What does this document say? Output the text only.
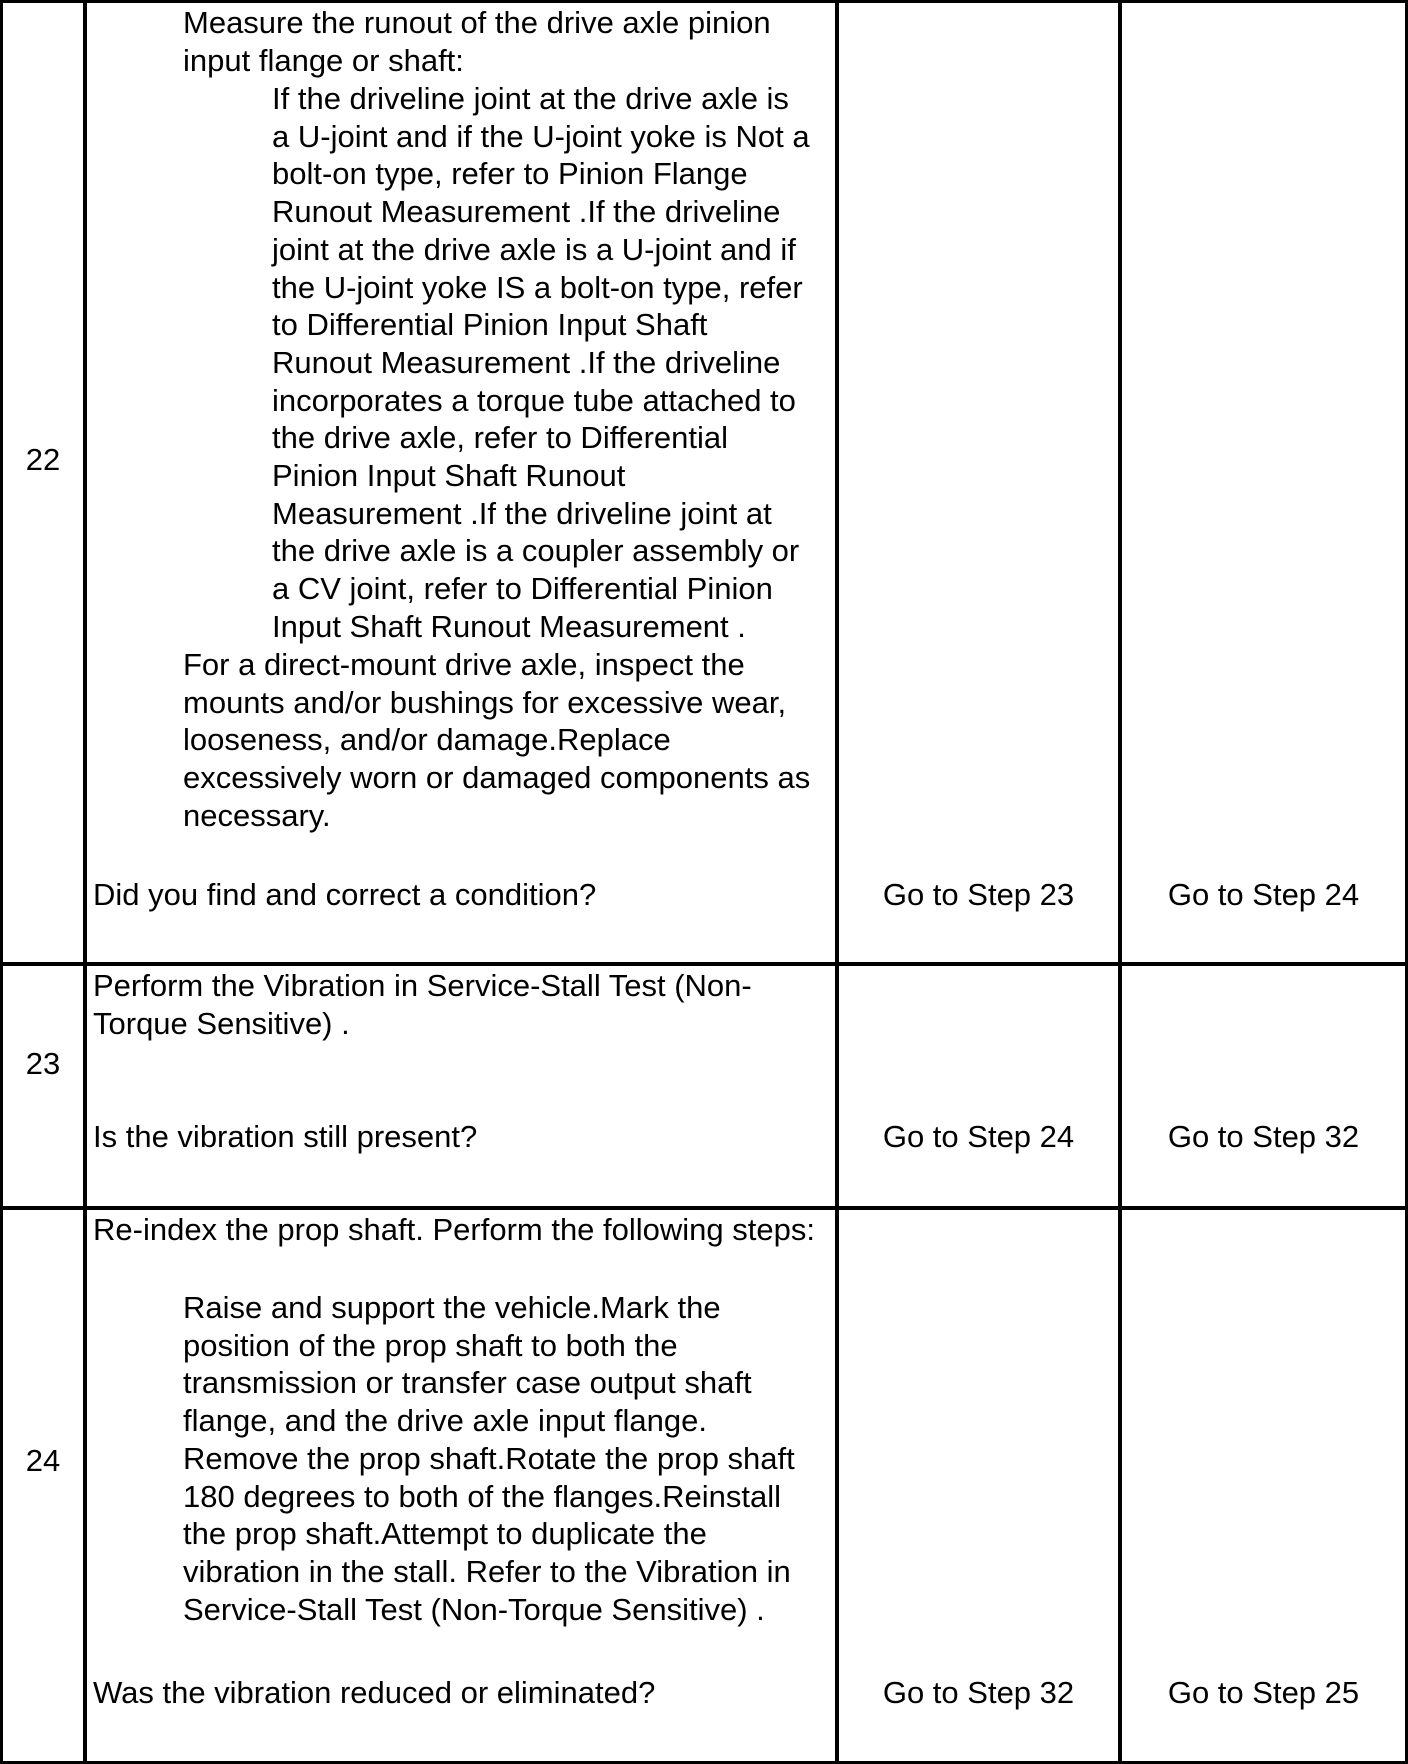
22
Measure the runout of the drive axle pinion
input flange or shaft:
If the driveline joint at the drive axle is
a U-joint and if the U-joint yoke is Not a
bolt-on type, refer to Pinion Flange
Runout Measurement .If the driveline
joint at the drive axle is a U-joint and if
the U-joint yoke IS a bolt-on type, refer
to Differential Pinion Input Shaft
Runout Measurement .If the driveline
incorporates a torque tube attached to
the drive axle, refer to Differential
Pinion Input Shaft Runout
Measurement .If the driveline joint at
the drive axle is a coupler assembly or
a CV joint, refer to Differential Pinion
Input Shaft Runout Measurement .
For a direct-mount drive axle, inspect the
mounts and/or bushings for excessive wear,
looseness, and/or damage.Replace
excessively worn or damaged components as
necessary.
Did you find and correct a condition?	Go to Step 23	Go to Step 24
23
Perform the Vibration in Service-Stall Test (Non-
Torque Sensitive) .
Is the vibration still present?	Go to Step 24	Go to Step 32
24
Re-index the prop shaft. Perform the following steps:
Raise and support the vehicle.Mark the
position of the prop shaft to both the
transmission or transfer case output shaft
flange, and the drive axle input flange.
Remove the prop shaft.Rotate the prop shaft
180 degrees to both of the flanges.Reinstall
the prop shaft.Attempt to duplicate the
vibration in the stall. Refer to the Vibration in
Service-Stall Test (Non-Torque Sensitive) .
Was the vibration reduced or eliminated?	Go to Step 32	Go to Step 25
